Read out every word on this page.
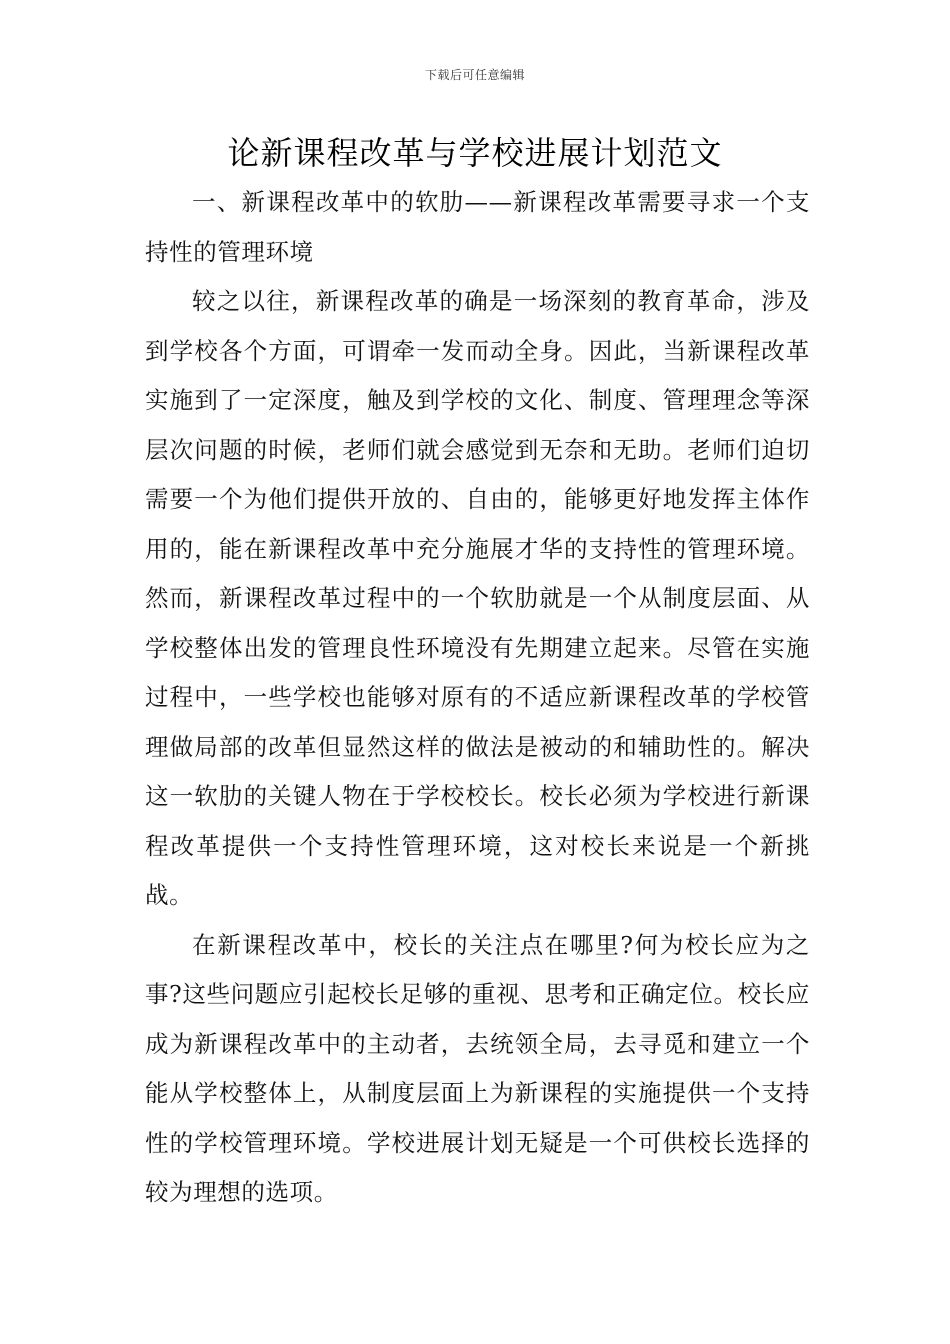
下载后可任意编辑
论新课程改革与学校进展计划范文

一、新课程改革中的软肋——新课程改革需要寻求一个支持性的管理环境

较之以往，新课程改革的确是一场深刻的教育革命，涉及到学校各个方面，可谓牵一发而动全身。因此，当新课程改革实施到了一定深度，触及到学校的文化、制度、管理理念等深层次问题的时候，老师们就会感觉到无奈和无助。老师们迫切需要一个为他们提供开放的、自由的，能够更好地发挥主体作用的，能在新课程改革中充分施展才华的支持性的管理环境。然而，新课程改革过程中的一个软肋就是一个从制度层面、从学校整体出发的管理良性环境没有先期建立起来。尽管在实施过程中，一些学校也能够对原有的不适应新课程改革的学校管理做局部的改革但显然这样的做法是被动的和辅助性的。解决这一软肋的关键人物在于学校校长。校长必须为学校进行新课程改革提供一个支持性管理环境，这对校长来说是一个新挑战。

在新课程改革中，校长的关注点在哪里?何为校长应为之事?这些问题应引起校长足够的重视、思考和正确定位。校长应成为新课程改革中的主动者，去统领全局，去寻觅和建立一个能从学校整体上，从制度层面上为新课程的实施提供一个支持性的学校管理环境。学校进展计划无疑是一个可供校长选择的较为理想的选项。
